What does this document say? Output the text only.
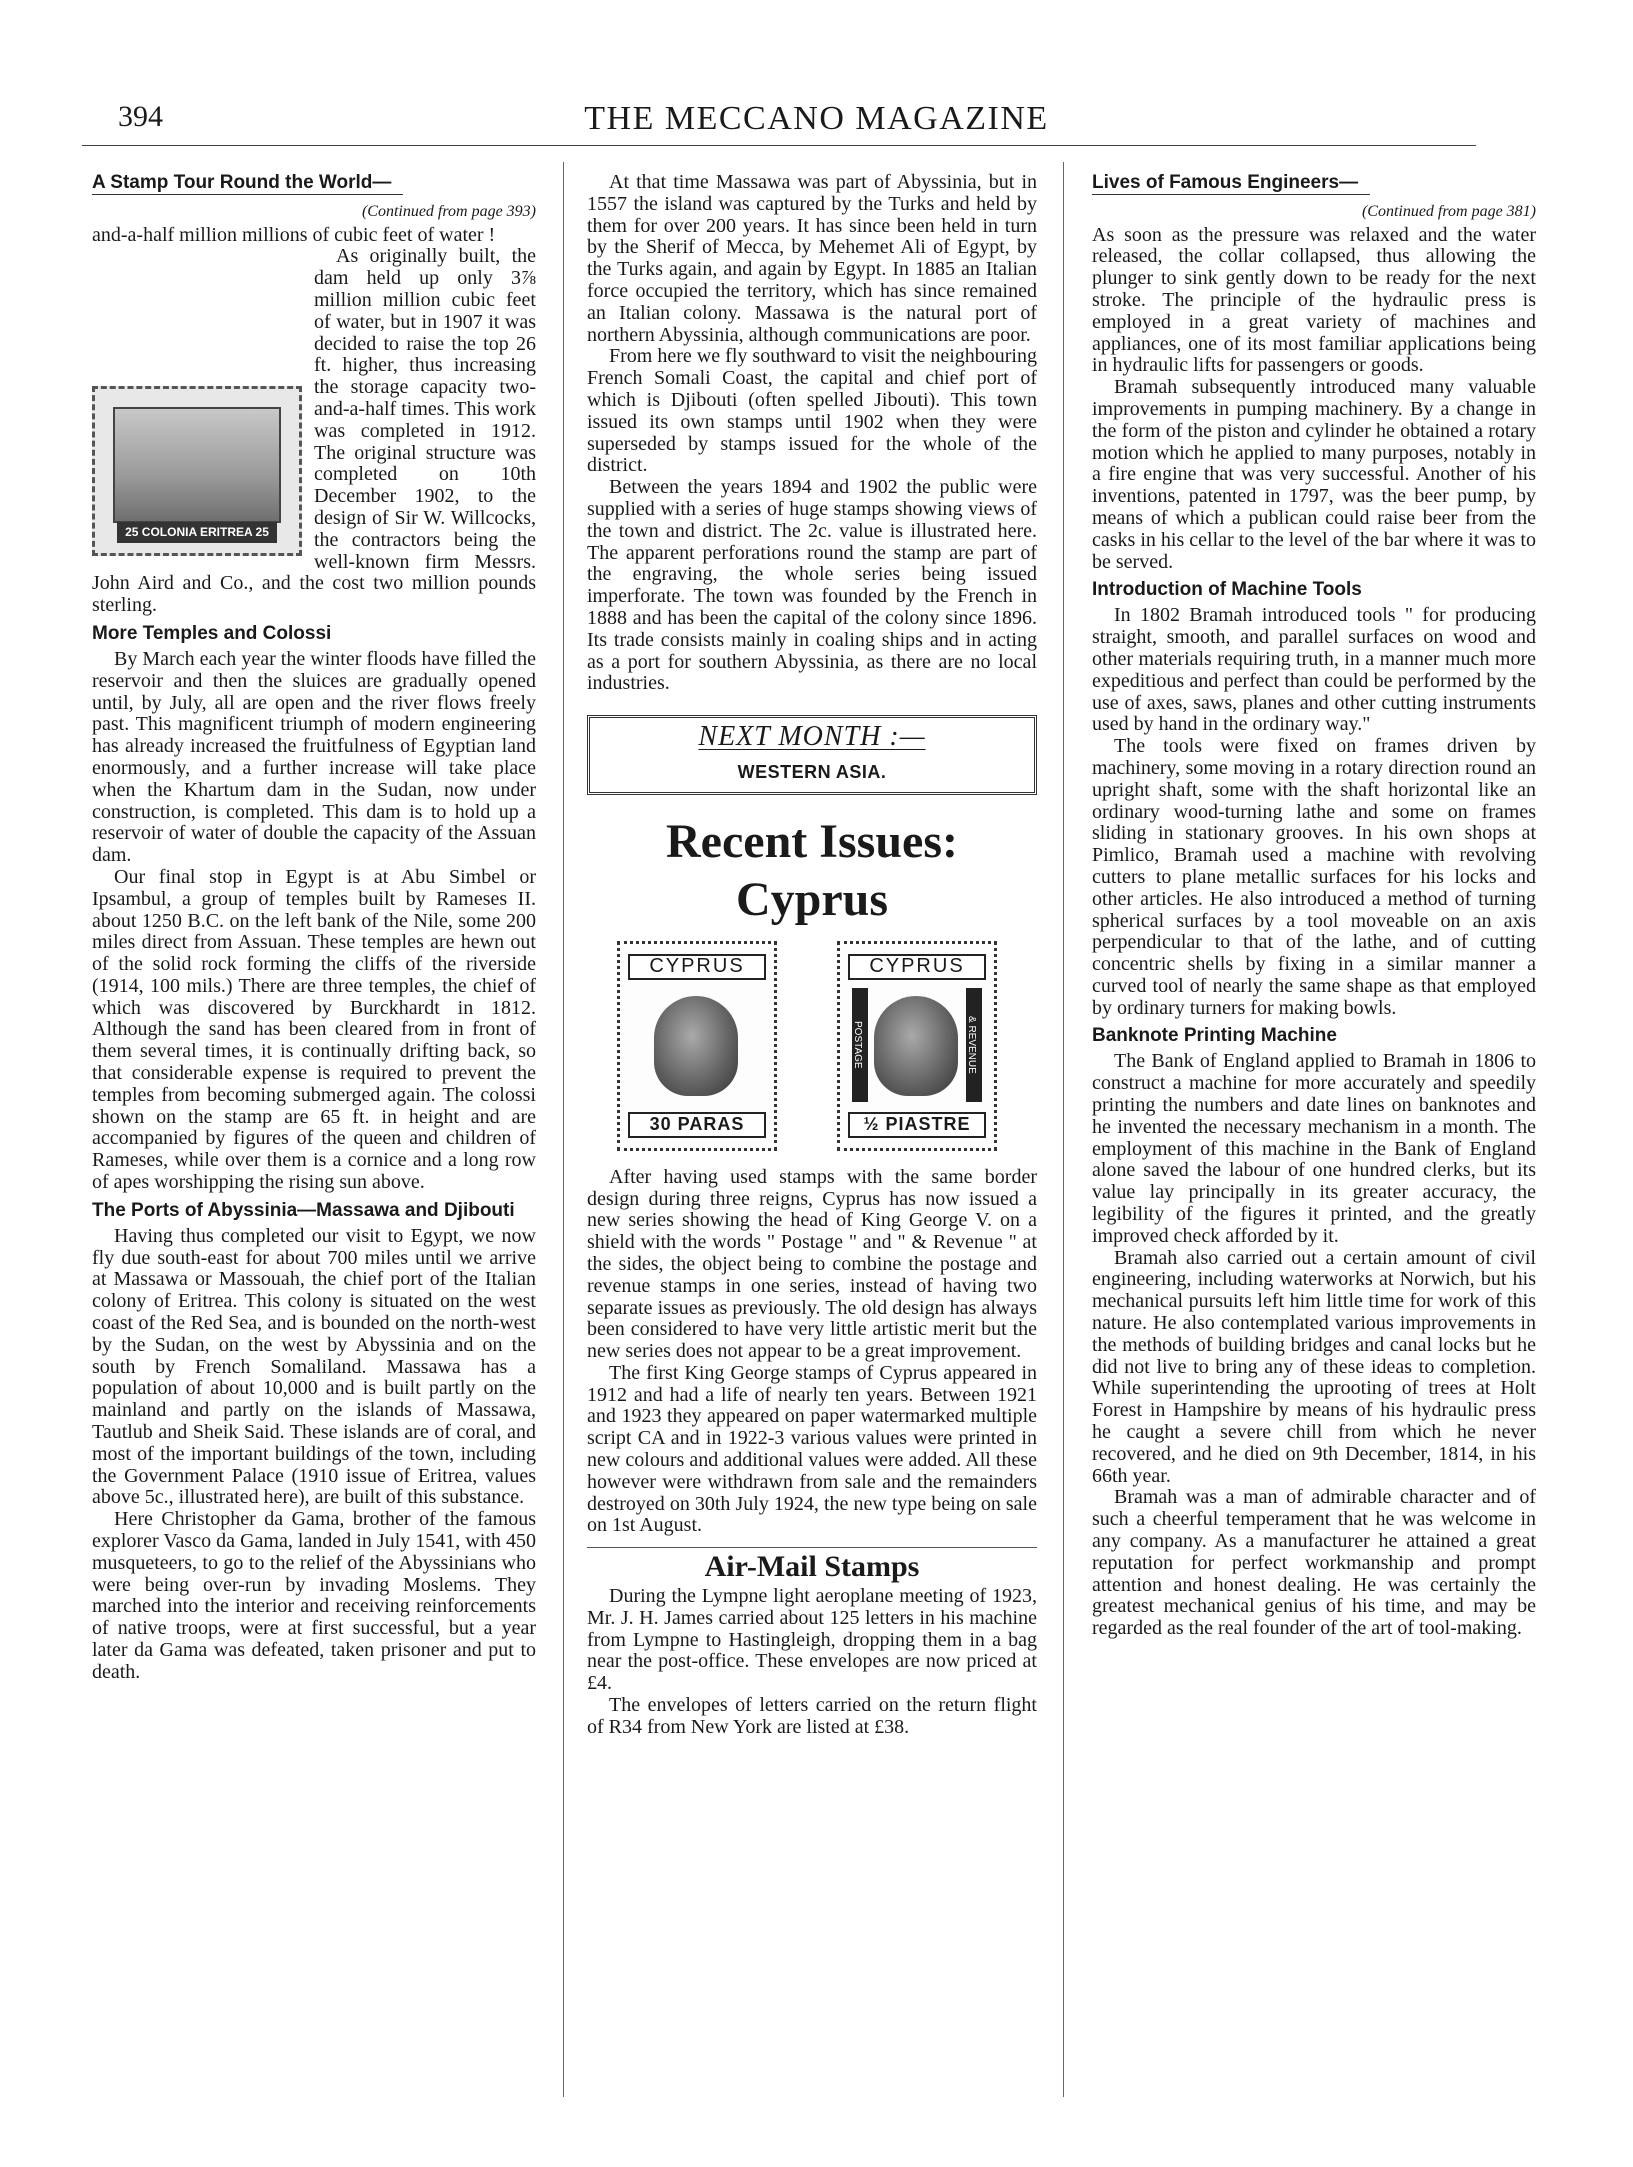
394	THE MECCANO MAGAZINE
A Stamp Tour Round the World—
(Continued from page 393)

and-a-half million millions of cubic feet of water !

25 COLONIA ERITREA 25

As originally built, the dam held up only 3⅞ million million cubic feet of water, but in 1907 it was decided to raise the top 26 ft. higher, thus increasing the storage capacity two-and-a-half times. This work was completed in 1912. The original structure was completed on 10th December 1902, to the design of Sir W. Willcocks, the contractors being the well-known firm Messrs. John Aird and Co., and the cost two million pounds sterling.

More Temples and Colossi

By March each year the winter floods have filled the reservoir and then the sluices are gradually opened until, by July, all are open and the river flows freely past. This magnificent triumph of modern engineering has already increased the fruitfulness of Egyptian land enormously, and a further increase will take place when the Khartum dam in the Sudan, now under construction, is completed. This dam is to hold up a reservoir of water of double the capacity of the Assuan dam.

Our final stop in Egypt is at Abu Simbel or Ipsambul, a group of temples built by Rameses II. about 1250 B.C. on the left bank of the Nile, some 200 miles direct from Assuan. These temples are hewn out of the solid rock forming the cliffs of the riverside (1914, 100 mils.) There are three temples, the chief of which was discovered by Burckhardt in 1812. Although the sand has been cleared from in front of them several times, it is continually drifting back, so that considerable expense is required to prevent the temples from becoming submerged again. The colossi shown on the stamp are 65 ft. in height and are accompanied by figures of the queen and children of Rameses, while over them is a cornice and a long row of apes worshipping the rising sun above.

The Ports of Abyssinia—Massawa and Djibouti

Having thus completed our visit to Egypt, we now fly due south-east for about 700 miles until we arrive at Massawa or Massouah, the chief port of the Italian colony of Eritrea. This colony is situated on the west coast of the Red Sea, and is bounded on the north-west by the Sudan, on the west by Abyssinia and on the south by French Somaliland. Massawa has a population of about 10,000 and is built partly on the mainland and partly on the islands of Massawa, Tautlub and Sheik Said. These islands are of coral, and most of the important buildings of the town, including the Government Palace (1910 issue of Eritrea, values above 5c., illustrated here), are built of this substance.

Here Christopher da Gama, brother of the famous explorer Vasco da Gama, landed in July 1541, with 450 musqueteers, to go to the relief of the Abyssinians who were being over-run by invading Moslems. They marched into the interior and receiving reinforcements of native troops, were at first successful, but a year later da Gama was defeated, taken prisoner and put to death.

At that time Massawa was part of Abyssinia, but in 1557 the island was captured by the Turks and held by them for over 200 years. It has since been held in turn by the Sherif of Mecca, by Mehemet Ali of Egypt, by the Turks again, and again by Egypt. In 1885 an Italian force occupied the territory, which has since remained an Italian colony. Massawa is the natural port of northern Abyssinia, although communications are poor.

From here we fly southward to visit the neighbouring French Somali Coast, the capital and chief port of which is Djibouti (often spelled Jibouti). This town issued its own stamps until 1902 when they were superseded by stamps issued for the whole of the district.

Between the years 1894 and 1902 the public were supplied with a series of huge stamps showing views of the town and district. The 2c. value is illustrated here. The apparent perforations round the stamp are part of the engraving, the whole series being issued imperforate. The town was founded by the French in 1888 and has been the capital of the colony since 1896. Its trade consists mainly in coaling ships and in acting as a port for southern Abyssinia, as there are no local industries.

NEXT MONTH :—
WESTERN ASIA.
Recent Issues:
Cyprus
CYPRUS
30 PARAS
CYPRUS
POSTAGE	& REVENUE
½ PIASTRE

After having used stamps with the same border design during three reigns, Cyprus has now issued a new series showing the head of King George V. on a shield with the words " Postage " and " & Revenue " at the sides, the object being to combine the postage and revenue stamps in one series, instead of having two separate issues as previously. The old design has always been considered to have very little artistic merit but the new series does not appear to be a great improvement.

The first King George stamps of Cyprus appeared in 1912 and had a life of nearly ten years. Between 1921 and 1923 they appeared on paper watermarked multiple script CA and in 1922-3 various values were printed in new colours and additional values were added. All these however were withdrawn from sale and the remainders destroyed on 30th July 1924, the new type being on sale on 1st August.

Air-Mail Stamps

During the Lympne light aeroplane meeting of 1923, Mr. J. H. James carried about 125 letters in his machine from Lympne to Hastingleigh, dropping them in a bag near the post-office. These envelopes are now priced at £4.

The envelopes of letters carried on the return flight of R34 from New York are listed at £38.

Lives of Famous Engineers—
(Continued from page 381)

As soon as the pressure was relaxed and the water released, the collar collapsed, thus allowing the plunger to sink gently down to be ready for the next stroke. The principle of the hydraulic press is employed in a great variety of machines and appliances, one of its most familiar applications being in hydraulic lifts for passengers or goods.

Bramah subsequently introduced many valuable improvements in pumping machinery. By a change in the form of the piston and cylinder he obtained a rotary motion which he applied to many purposes, notably in a fire engine that was very successful. Another of his inventions, patented in 1797, was the beer pump, by means of which a publican could raise beer from the casks in his cellar to the level of the bar where it was to be served.

Introduction of Machine Tools

In 1802 Bramah introduced tools " for producing straight, smooth, and parallel surfaces on wood and other materials requiring truth, in a manner much more expeditious and perfect than could be performed by the use of axes, saws, planes and other cutting instruments used by hand in the ordinary way."

The tools were fixed on frames driven by machinery, some moving in a rotary direction round an upright shaft, some with the shaft horizontal like an ordinary wood-turning lathe and some on frames sliding in stationary grooves. In his own shops at Pimlico, Bramah used a machine with revolving cutters to plane metallic surfaces for his locks and other articles. He also introduced a method of turning spherical surfaces by a tool moveable on an axis perpendicular to that of the lathe, and of cutting concentric shells by fixing in a similar manner a curved tool of nearly the same shape as that employed by ordinary turners for making bowls.

Banknote Printing Machine

The Bank of England applied to Bramah in 1806 to construct a machine for more accurately and speedily printing the numbers and date lines on banknotes and he invented the necessary mechanism in a month. The employment of this machine in the Bank of England alone saved the labour of one hundred clerks, but its value lay principally in its greater accuracy, the legibility of the figures it printed, and the greatly improved check afforded by it.

Bramah also carried out a certain amount of civil engineering, including waterworks at Norwich, but his mechanical pursuits left him little time for work of this nature. He also contemplated various improvements in the methods of building bridges and canal locks but he did not live to bring any of these ideas to completion. While superintending the uprooting of trees at Holt Forest in Hampshire by means of his hydraulic press he caught a severe chill from which he never recovered, and he died on 9th December, 1814, in his 66th year.

Bramah was a man of admirable character and of such a cheerful temperament that he was welcome in any company. As a manufacturer he attained a great reputation for perfect workmanship and prompt attention and honest dealing. He was certainly the greatest mechanical genius of his time, and may be regarded as the real founder of the art of tool-making.
